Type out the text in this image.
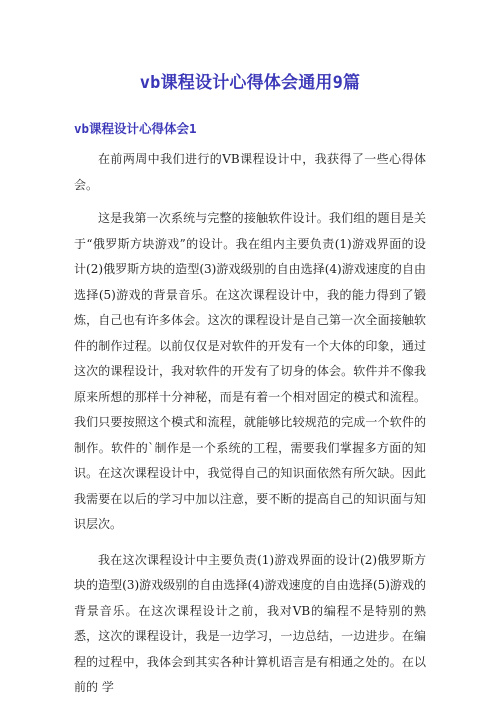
vb课程设计心得体会通用9篇
vb课程设计心得体会1

在前两周中我们进行的VB课程设计中，我获得了一些心得体会。

这是我第一次系统与完整的接触软件设计。我们组的题目是关于“俄罗斯方块游戏”的设计。我在组内主要负责(1)游戏界面的设计(2)俄罗斯方块的造型(3)游戏级别的自由选择(4)游戏速度的自由选择(5)游戏的背景音乐。在这次课程设计中，我的能力得到了锻炼，自己也有许多体会。这次的课程设计是自己第一次全面接触软件的制作过程。以前仅仅是对软件的开发有一个大体的印象，通过这次的课程设计，我对软件的开发有了切身的体会。软件并不像我原来所想的那样十分神秘，而是有着一个相对固定的模式和流程。我们只要按照这个模式和流程，就能够比较规范的完成一个软件的制作。软件的`制作是一个系统的工程，需要我们掌握多方面的知识。在这次课程设计中，我觉得自己的知识面依然有所欠缺。因此我需要在以后的学习中加以注意，要不断的提高自己的知识面与知识层次。

我在这次课程设计中主要负责(1)游戏界面的设计(2)俄罗斯方块的造型(3)游戏级别的自由选择(4)游戏速度的自由选择(5)游戏的背景音乐。在这次课程设计之前，我对VB的编程不是特别的熟悉，这次的课程设计，我是一边学习，一边总结，一边进步。在编程的过程中，我体会到其实各种计算机语言是有相通之处的。在以前的 学
